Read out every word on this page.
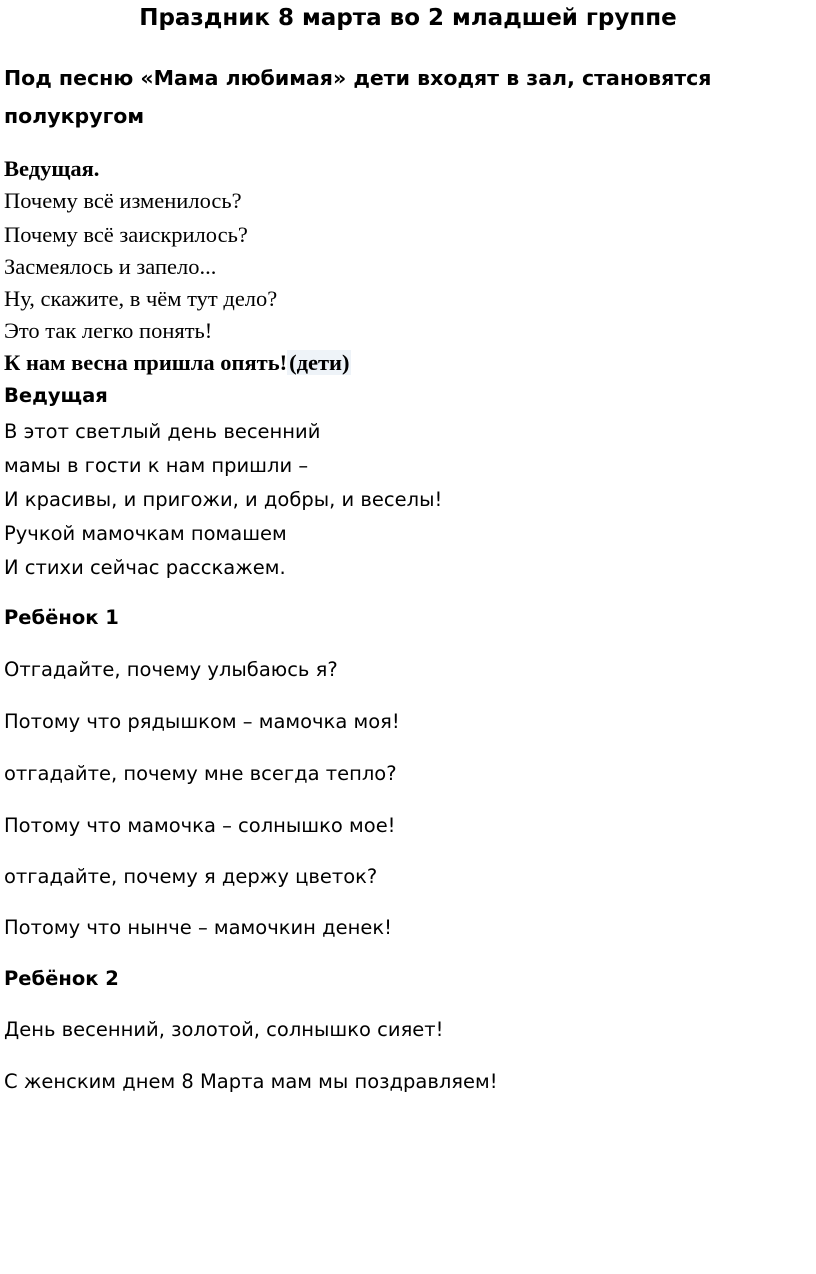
Праздник 8 марта во 2 младшей группе
Под песню «Мама любимая» дети входят в зал, становятся
полукругом
Ведущая.
Почему всё изменилось?
Почему всё заискрилось?
Засмеялось и запело...
Ну, скажите, в чём тут дело?
Это так легко понять!
К нам весна пришла опять!(дети)
Ведущая
В этот светлый день весенний
мамы в гости к нам пришли –
И красивы, и пригожи, и добры, и веселы!
Ручкой мамочкам помашем
И стихи сейчас расскажем.
Ребёнок 1
Отгадайте, почему улыбаюсь я?
Потому что рядышком – мамочка моя!
отгадайте, почему мне всегда тепло?
Потому что мамочка – солнышко мое!
отгадайте, почему я держу цветок?
Потому что нынче – мамочкин денек!
Ребёнок 2
День весенний, золотой, солнышко сияет!
С женским днем 8 Марта мам мы поздравляем!
